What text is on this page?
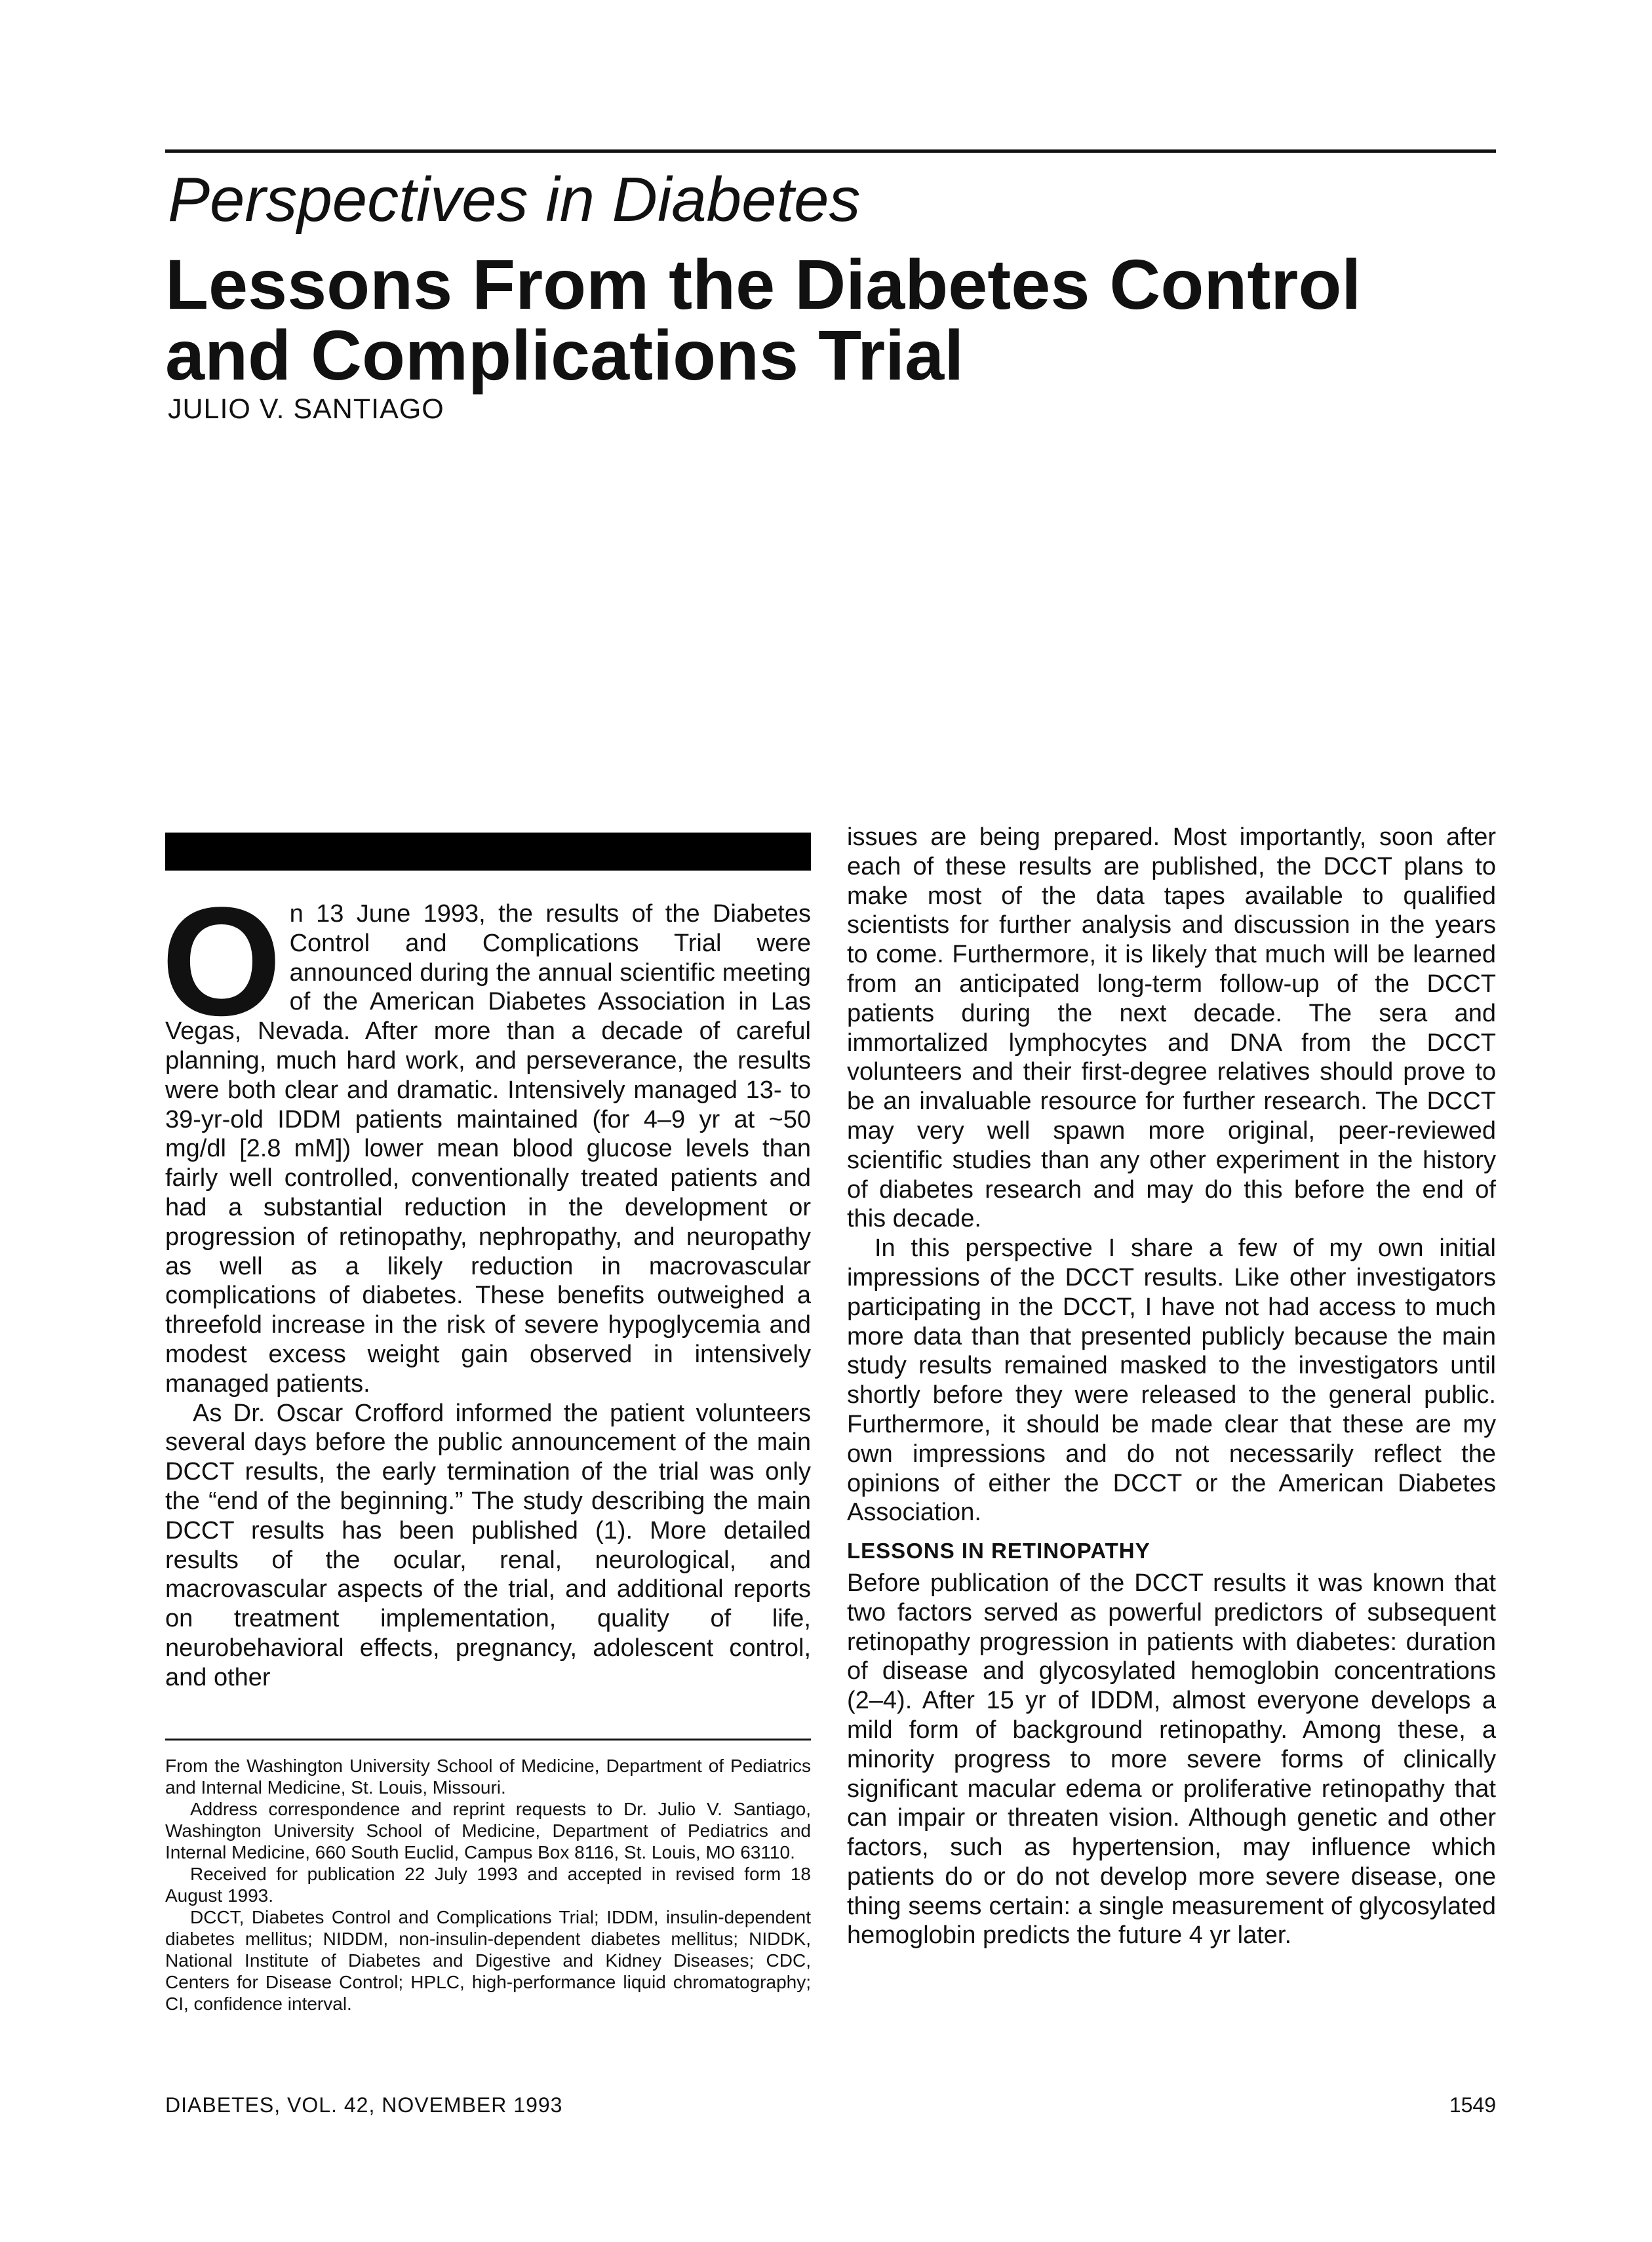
Perspectives in Diabetes
Lessons From the Diabetes Control
and Complications Trial
JULIO V. SANTIAGO

On 13 June 1993, the results of the Diabetes Control and Complications Trial were announced during the annual scientific meeting of the American Diabetes Association in Las Vegas, Nevada. After more than a decade of careful planning, much hard work, and perseverance, the results were both clear and dramatic. Intensively managed 13- to 39-yr-old IDDM patients maintained (for 4–9 yr at ~50 mg/dl [2.8 mM]) lower mean blood glucose levels than fairly well controlled, conventionally treated patients and had a substantial reduction in the development or progression of retinopathy, nephropathy, and neuropathy as well as a likely reduction in macrovascular complications of diabetes. These benefits outweighed a threefold increase in the risk of severe hypoglycemia and modest excess weight gain observed in intensively managed patients.

As Dr. Oscar Crofford informed the patient volunteers several days before the public announcement of the main DCCT results, the early termination of the trial was only the “end of the beginning.” The study describing the main DCCT results has been published (1). More detailed results of the ocular, renal, neurological, and macrovascular aspects of the trial, and additional reports on treatment implementation, quality of life, neurobehavioral effects, pregnancy, adolescent control, and other

issues are being prepared. Most importantly, soon after each of these results are published, the DCCT plans to make most of the data tapes available to qualified scientists for further analysis and discussion in the years to come. Furthermore, it is likely that much will be learned from an anticipated long-term follow-up of the DCCT patients during the next decade. The sera and immortalized lymphocytes and DNA from the DCCT volunteers and their first-degree relatives should prove to be an invaluable resource for further research. The DCCT may very well spawn more original, peer-reviewed scientific studies than any other experiment in the history of diabetes research and may do this before the end of this decade.

In this perspective I share a few of my own initial impressions of the DCCT results. Like other investigators participating in the DCCT, I have not had access to much more data than that presented publicly because the main study results remained masked to the investigators until shortly before they were released to the general public. Furthermore, it should be made clear that these are my own impressions and do not necessarily reflect the opinions of either the DCCT or the American Diabetes Association.

LESSONS IN RETINOPATHY

Before publication of the DCCT results it was known that two factors served as powerful predictors of subsequent retinopathy progression in patients with diabetes: duration of disease and glycosylated hemoglobin concentrations (2–4). After 15 yr of IDDM, almost everyone develops a mild form of background retinopathy. Among these, a minority progress to more severe forms of clinically significant macular edema or proliferative retinopathy that can impair or threaten vision. Although genetic and other factors, such as hypertension, may influence which patients do or do not develop more severe disease, one thing seems certain: a single measurement of glycosylated hemoglobin predicts the future 4 yr later.

From the Washington University School of Medicine, Department of Pediatrics and Internal Medicine, St. Louis, Missouri.

Address correspondence and reprint requests to Dr. Julio V. Santiago, Washington University School of Medicine, Department of Pediatrics and Internal Medicine, 660 South Euclid, Campus Box 8116, St. Louis, MO 63110.

Received for publication 22 July 1993 and accepted in revised form 18 August 1993.

DCCT, Diabetes Control and Complications Trial; IDDM, insulin-dependent diabetes mellitus; NIDDM, non-insulin-dependent diabetes mellitus; NIDDK, National Institute of Diabetes and Digestive and Kidney Diseases; CDC, Centers for Disease Control; HPLC, high-performance liquid chromatography; CI, confidence interval.

DIABETES, VOL. 42, NOVEMBER 1993	1549
